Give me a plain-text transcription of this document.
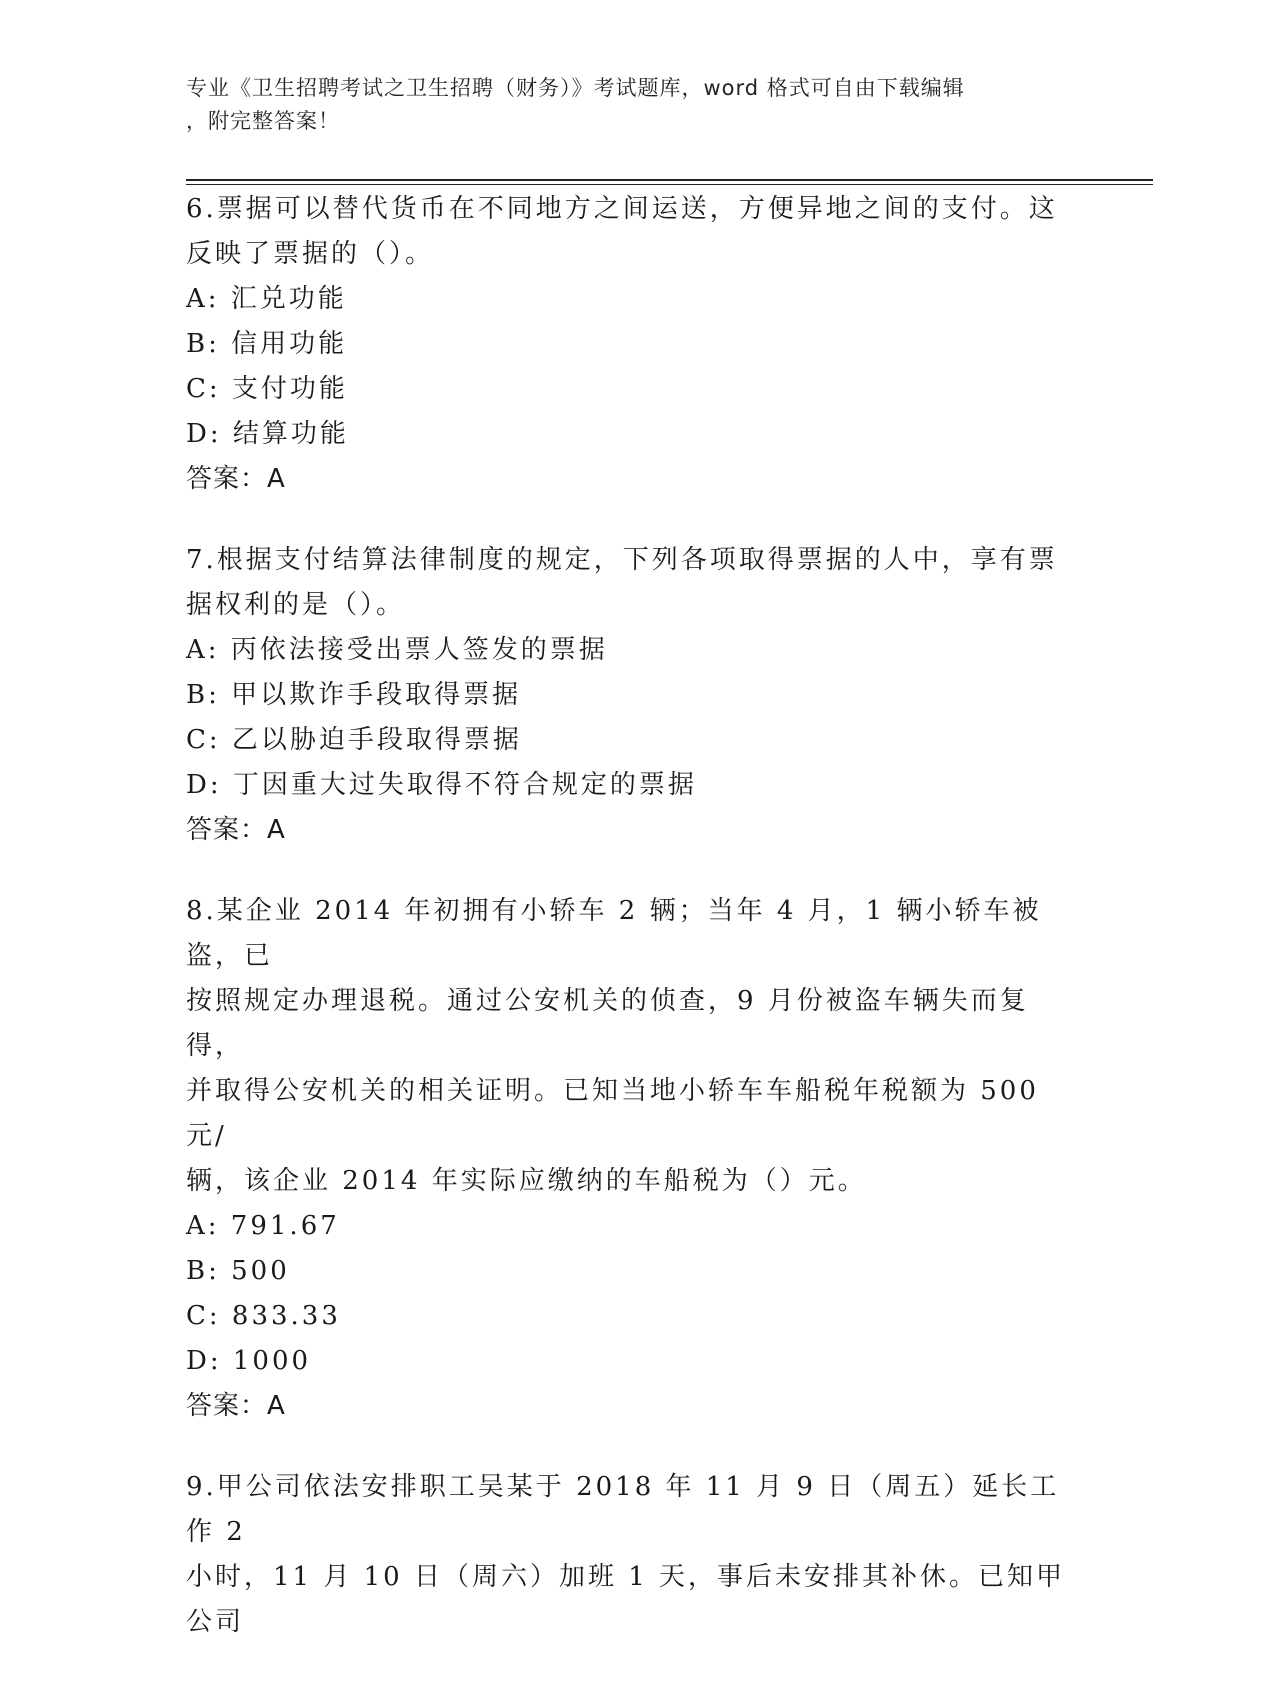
专业《卫生招聘考试之卫生招聘（财务）》考试题库，word 格式可自由下载编辑
，附完整答案！

6.票据可以替代货币在不同地方之间运送，方便异地之间的支付。这

反映了票据的（）。

A: 汇兑功能

B: 信用功能

C: 支付功能

D: 结算功能

答案：A

7.根据支付结算法律制度的规定，下列各项取得票据的人中，享有票

据权利的是（）。

A: 丙依法接受出票人签发的票据

B: 甲以欺诈手段取得票据

C: 乙以胁迫手段取得票据

D: 丁因重大过失取得不符合规定的票据

答案：A

8.某企业 2014 年初拥有小轿车 2 辆；当年 4 月，1 辆小轿车被盗，已

按照规定办理退税。通过公安机关的侦查，9 月份被盗车辆失而复得，

并取得公安机关的相关证明。已知当地小轿车车船税年税额为 500 元/

辆，该企业 2014 年实际应缴纳的车船税为（）元。

A: 791.67

B: 500

C: 833.33

D: 1000

答案：A

9.甲公司依法安排职工吴某于 2018 年 11 月 9 日（周五）延长工作 2

小时，11 月 10 日（周六）加班 1 天，事后未安排其补休。已知甲公司
